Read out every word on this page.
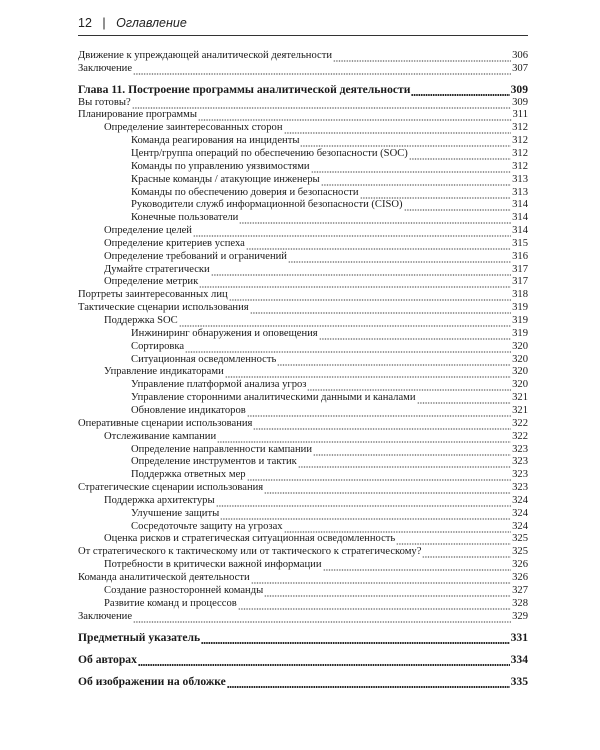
12 | Оглавление
Движение к упреждающей аналитической деятельности	306
Заключение	307
Глава 11. Построение программы аналитической деятельности	309
Вы готовы?	309
Планирование программы	311
Определение заинтересованных сторон	312
Команда реагирования на инциденты	312
Центр/группа операций по обеспечению безопасности (SOC)	312
Команды по управлению уязвимостями	312
Красные команды / атакующие инженеры	313
Команды по обеспечению доверия и безопасности	313
Руководители служб информационной безопасности (CISO)	314
Конечные пользователи	314
Определение целей	314
Определение критериев успеха	315
Определение требований и ограничений	316
Думайте стратегически	317
Определение метрик	317
Портреты заинтересованных лиц	318
Тактические сценарии использования	319
Поддержка SOC	319
Инжиниринг обнаружения и оповещения	319
Сортировка	320
Ситуационная осведомленность	320
Управление индикаторами	320
Управление платформой анализа угроз	320
Управление сторонними аналитическими данными и каналами	321
Обновление индикаторов	321
Оперативные сценарии использования	322
Отслеживание кампании	322
Определение направленности кампании	323
Определение инструментов и тактик	323
Поддержка ответных мер	323
Стратегические сценарии использования	323
Поддержка архитектуры	324
Улучшение защиты	324
Сосредоточьте защиту на угрозах	324
Оценка рисков и стратегическая ситуационная осведомленность	325
От стратегического к тактическому или от тактического к стратегическому?	325
Потребности в критически важной информации	326
Команда аналитической деятельности	326
Создание разносторонней команды	327
Развитие команд и процессов	328
Заключение	329
Предметный указатель	331
Об авторах	334
Об изображении на обложке	335
